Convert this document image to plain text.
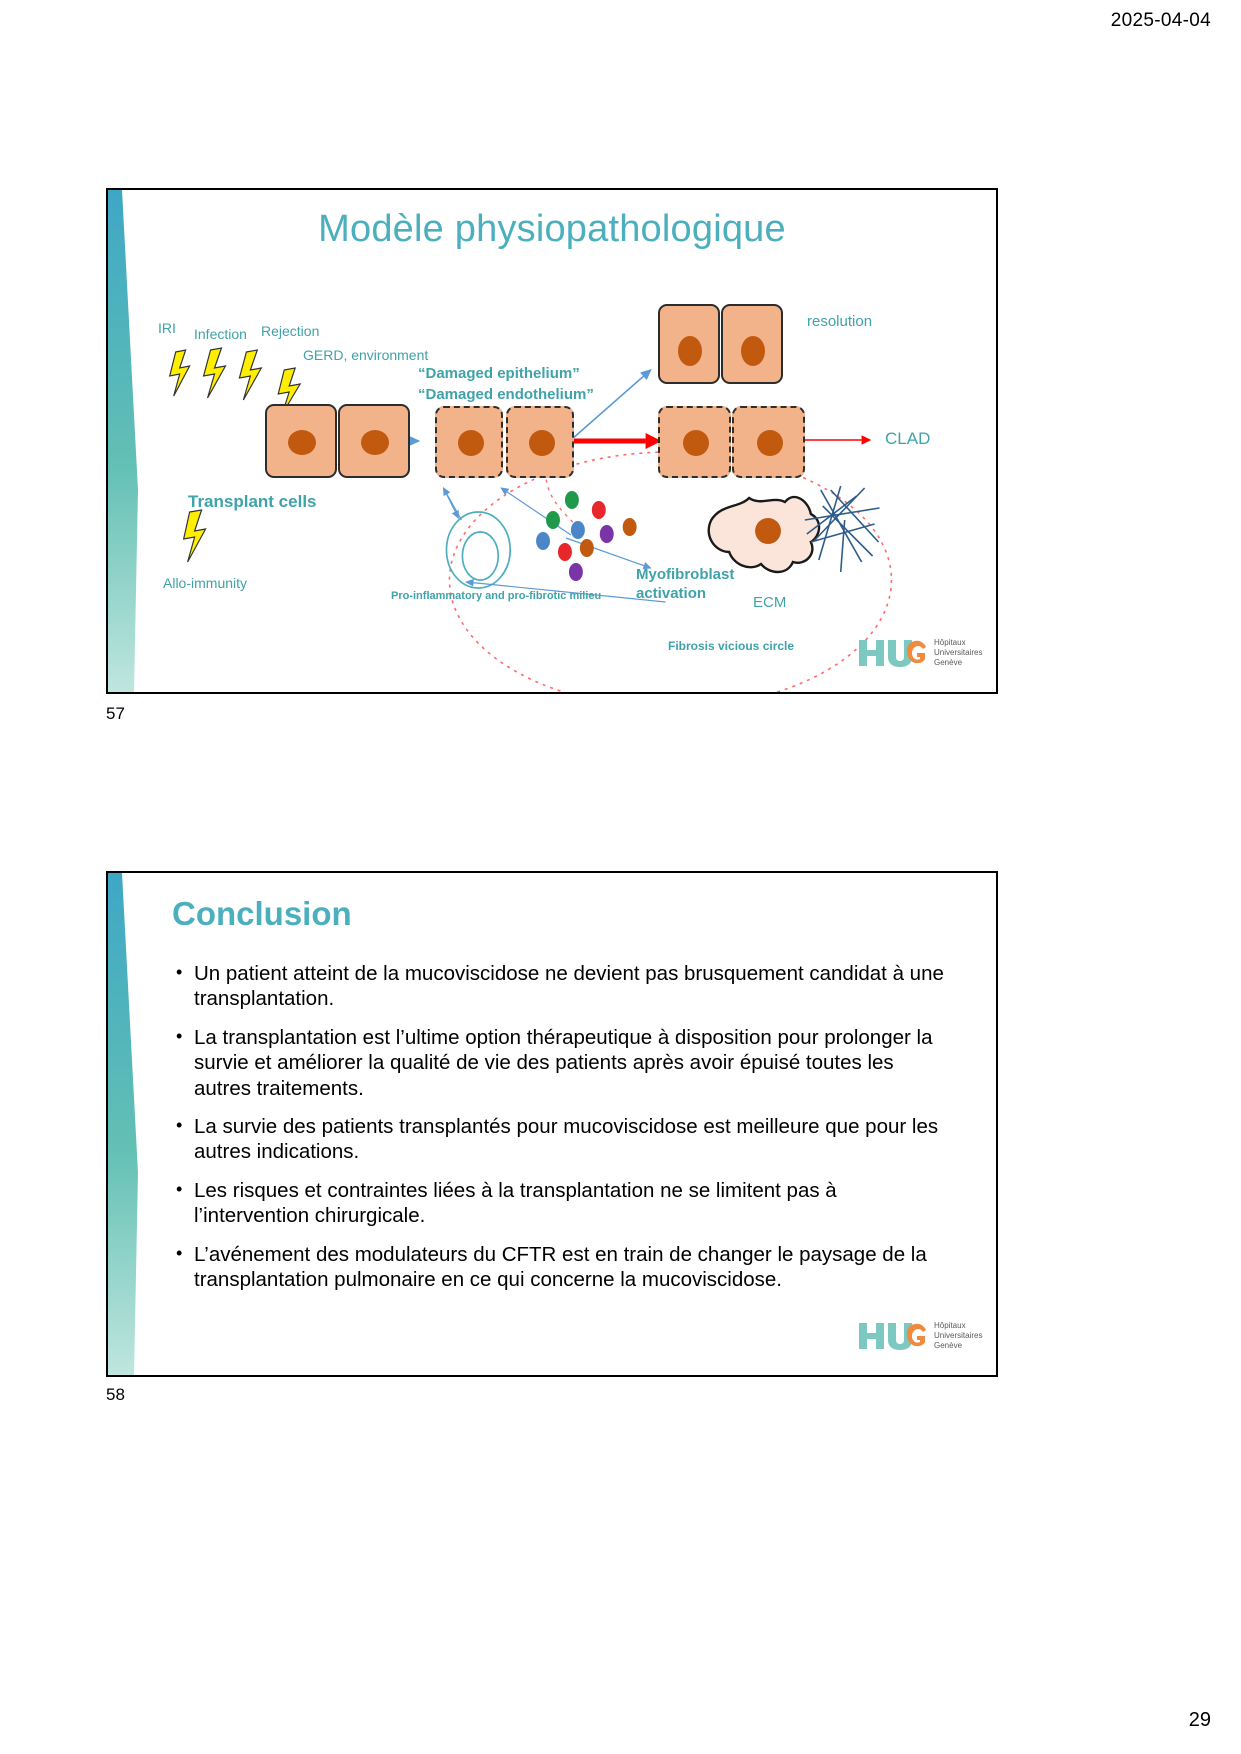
2025-04-04
Modèle physiopathologique
IRI Infection Rejection
GERD, environment
Transplant cells
Allo-immunity
“Damaged epithelium”
“Damaged endothelium”
resolution
CLAD
Pro-inflammatory and pro-fibrotic milieu
Myofibroblast
activation
ECM
Fibrosis vicious circle	Hôpitaux
Universitaires
Genève
57
Conclusion
• Un patient atteint de la mucoviscidose ne devient pas brusquement candidat à une transplantation.
• La transplantation est l’ultime option thérapeutique à disposition pour prolonger la survie et améliorer la qualité de vie des patients après avoir épuisé toutes les autres traitements.
• La survie des patients transplantés pour mucoviscidose est meilleure que pour les autres indications.
• Les risques et contraintes liées à la transplantation ne se limitent pas à l’intervention chirurgicale.
• L’avénement des modulateurs du CFTR est en train de changer le paysage de la transplantation pulmonaire en ce qui concerne la mucoviscidose.
Hôpitaux
Universitaires
Genève
58
29
